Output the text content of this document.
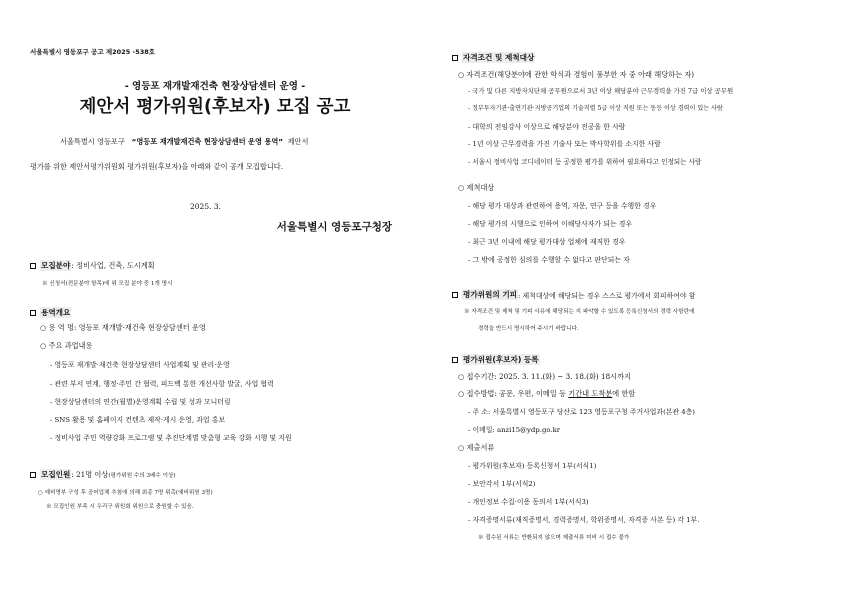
서울특별시 영등포구 공고 제2025 -538호
- 영등포 재개발재건축 현장상담센터 운영 -
제안서 평가위원(후보자) 모집 공고
서울특별시 영등포구 “영등포 재개발재건축 현장상담센터 운영 용역” 제안서
평가를 위한 제안서평가위원회 평가위원(후보자)을 아래와 같이 공개 모집합니다.
2025. 3.
서울특별시 영등포구청장
모집분야 : 정비사업, 건축, 도시계획
※ 신청서(전문분야 항목)에 위 모집 분야 중 1개 명시
용역개요
○ 용 역 명: 영등포 재개발·재건축 현장상담센터 운영
○ 주요 과업내용
- 영등포 재개발·재건축 현장상담센터 사업계획 및 관리·운영
- 관련 부서 연계, 행정·주민 간 협력, 피드백 통한 개선사항 발굴, 사업 협력
- 현장상담센터의 연간(월별)운영계획 수립 및 성과 모니터링
- SNS 활용 및 홈페이지 컨텐츠 제작·게시 운영, 과업 홍보
- 정비사업 주민 역량강화 프로그램 및 추진단계별 맞춤형 교육 강화 시행 및 지원
모집인원 : 21명 이상 (평가위원 수의 3배수 이상)
○ 예비명부 구성 후 공어업체 추첨에 의해 최종 7명 위촉(예비위원 3명)
※ 모집인원 부족 시 우리구 위원회 위원으로 충원할 수 있음.
자격조건 및 제척대상
○ 자격조건(해당분야에 관한 학식과 경험이 풍부한 자 중 아래 해당하는 자)
- 국가 및 다른 지방자치단체 공무원으로서 3년 이상 해당분야 근무경력을 가진 7급 이상 공무원
- 정부투자기관·출연기관·지방공기업의 기술직렬 5급 이상 직원 또는 동등 이상 경력이 있는 사람
- 대학의 전임강사 이상으로 해당분야 전공을 한 사람
- 1년 이상 근무경력을 가진 기술사 또는 박사학위를 소지한 사람
- 서울시 정비사업 코디네이터 등 공정한 평가를 위하여 필요하다고 인정되는 사람
○ 제척대상
- 해당 평가 대상과 관련하여 용역, 자문, 연구 등을 수행한 경우
- 해당 평가의 시행으로 인하여 이해당사자가 되는 경우
- 최근 3년 이내에 해당 평가대상 업체에 재직한 경우
- 그 밖에 공정한 심의를 수행할 수 없다고 판단되는 자
평가위원의 기피 : 제척대상에 해당되는 경우 스스로 평가에서 회피하여야 함
※ 자격조건 및 제척 및 기피 사유에 해당되는 지 파악할 수 있도록 등록신청서의 경력 사항란에
경력을 반드시 명시하여 주시기 바랍니다.
평가위원(후보자) 등록
○ 접수기간: 2025. 3. 11.(화) ~ 3. 18.(화) 18시까지
○ 접수방법: 공문, 우편, 이메일 등 기간내 도착분에 한함
- 주 소: 서울특별시 영등포구 당산로 123 영등포구청 주거사업과(본관 4층)
- 이메일: anzi15@ydp.go.kr
○ 제출서류
- 평가위원(후보자) 등록신청서 1부(서식1)
- 보안각서 1부(서식2)
- 개인정보 수집·이용 동의서 1부(서식3)
- 자격증명서류(재직증명서, 경력증명서, 학위증명서, 자격증 사본 등) 각 1부.
※ 접수된 서류는 반환되지 않으며 제출서류 미비 시 접수 불가
